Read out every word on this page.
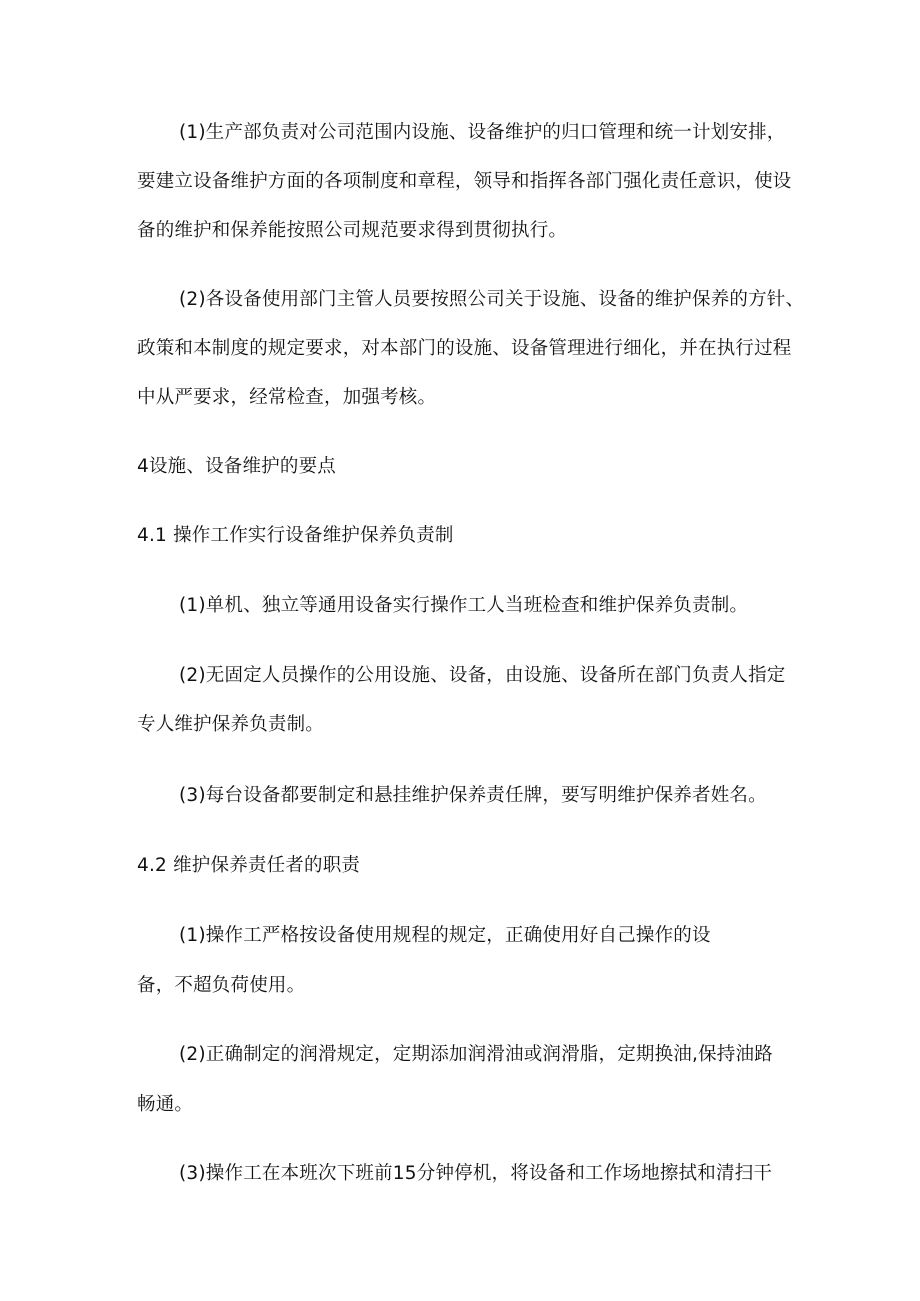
(1)生产部负责对公司范围内设施、设备维护的归口管理和统一计划安排，
要建立设备维护方面的各项制度和章程，领导和指挥各部门强化责任意识，使设
备的维护和保养能按照公司规范要求得到贯彻执行。
(2)各设备使用部门主管人员要按照公司关于设施、设备的维护保养的方针、
政策和本制度的规定要求，对本部门的设施、设备管理进行细化，并在执行过程
中从严要求，经常检查，加强考核。
4设施、设备维护的要点
4.1 操作工作实行设备维护保养负责制
(1)单机、独立等通用设备实行操作工人当班检查和维护保养负责制。
(2)无固定人员操作的公用设施、设备，由设施、设备所在部门负责人指定
专人维护保养负责制。
(3)每台设备都要制定和悬挂维护保养责任牌，要写明维护保养者姓名。
4.2 维护保养责任者的职责
(1)操作工严格按设备使用规程的规定，正确使用好自己操作的设
备，不超负荷使用。
(2)正确制定的润滑规定，定期添加润滑油或润滑脂，定期换油,保持油路
畅通。
(3)操作工在本班次下班前15分钟停机，将设备和工作场地擦拭和清扫干
